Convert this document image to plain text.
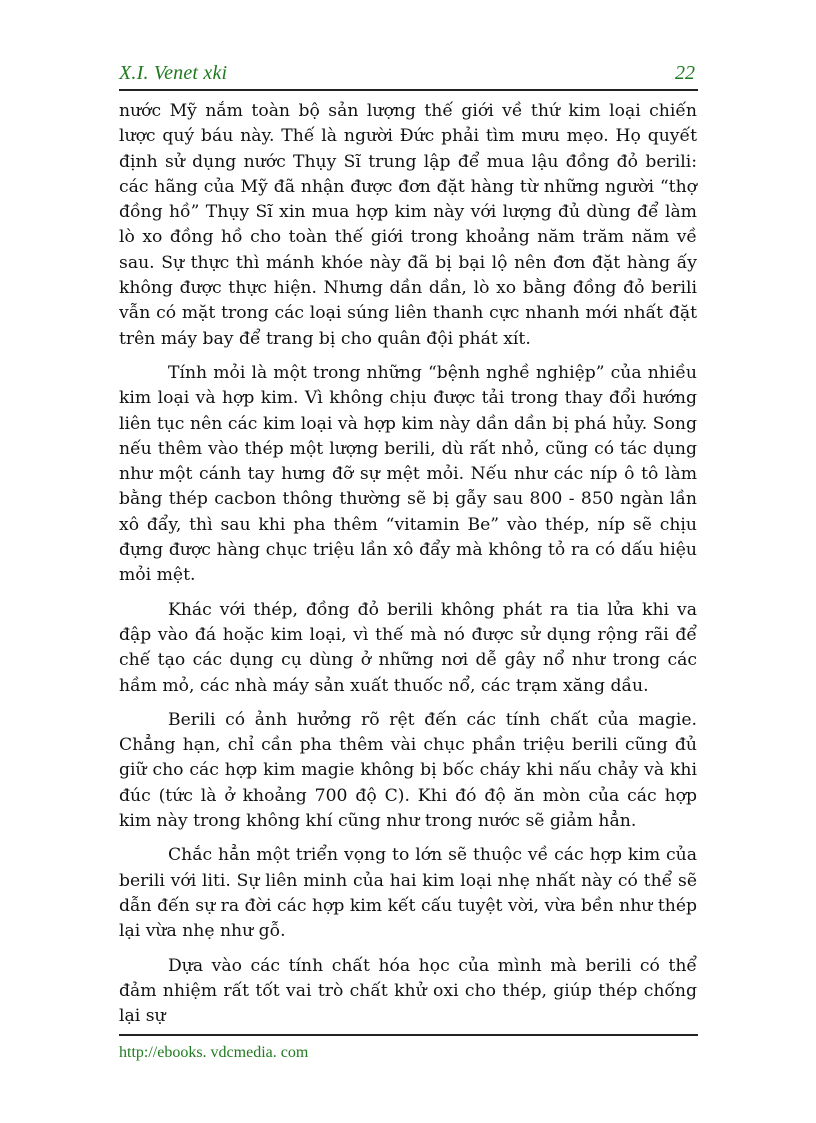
X.I. Venet xki	22

nước Mỹ nắm toàn bộ sản lượng thế giới về thứ kim loại chiến lược quý báu này. Thế là người Đức phải tìm mưu mẹo. Họ quyết định sử dụng nước Thụy Sĩ trung lập để mua lậu đồng đỏ berili: các hãng của Mỹ đã nhận được đơn đặt hàng từ những người “thợ đồng hồ” Thụy Sĩ xin mua hợp kim này với lượng đủ dùng để làm lò xo đồng hồ cho toàn thế giới trong khoảng năm trăm năm về sau. Sự thực thì mánh khóe này đã bị bại lộ nên đơn đặt hàng ấy không được thực hiện. Nhưng dần dần, lò xo bằng đồng đỏ berili vẫn có mặt trong các loại súng liên thanh cực nhanh mới nhất đặt trên máy bay để trang bị cho quân đội phát xít.

Tính mỏi là một trong những “bệnh nghề nghiệp” của nhiều kim loại và hợp kim. Vì không chịu được tải trong thay đổi hướng liên tục nên các kim loại và hợp kim này dần dần bị phá hủy. Song nếu thêm vào thép một lượng berili, dù rất nhỏ, cũng có tác dụng như một cánh tay hưng đỡ sự mệt mỏi. Nếu như các níp ô tô làm bằng thép cacbon thông thường sẽ bị gẫy sau 800 - 850 ngàn lần xô đẩy, thì sau khi pha thêm “vitamin Be” vào thép, níp sẽ chịu đựng được hàng chục triệu lần xô đẩy mà không tỏ ra có dấu hiệu mỏi mệt.

Khác với thép, đồng đỏ berili không phát ra tia lửa khi va đập vào đá hoặc kim loại, vì thế mà nó được sử dụng rộng rãi để chế tạo các dụng cụ dùng ở những nơi dễ gây nổ như trong các hầm mỏ, các nhà máy sản xuất thuốc nổ, các trạm xăng dầu.

Berili có ảnh hưởng rõ rệt đến các tính chất của magie. Chẳng hạn, chỉ cần pha thêm vài chục phần triệu berili cũng đủ giữ cho các hợp kim magie không bị bốc cháy khi nấu chảy và khi đúc (tức là ở khoảng 700 độ C). Khi đó độ ăn mòn của các hợp kim này trong không khí cũng như trong nước sẽ giảm hẳn.

Chắc hẳn một triển vọng to lớn sẽ thuộc về các hợp kim của berili với liti. Sự liên minh của hai kim loại nhẹ nhất này có thể sẽ dẫn đến sự ra đời các hợp kim kết cấu tuyệt vời, vừa bền như thép lại vừa nhẹ như gỗ.

Dựa vào các tính chất hóa học của mình mà berili có thể đảm nhiệm rất tốt vai trò chất khử oxi cho thép, giúp thép chống lại sự

http://ebooks. vdcmedia. com
